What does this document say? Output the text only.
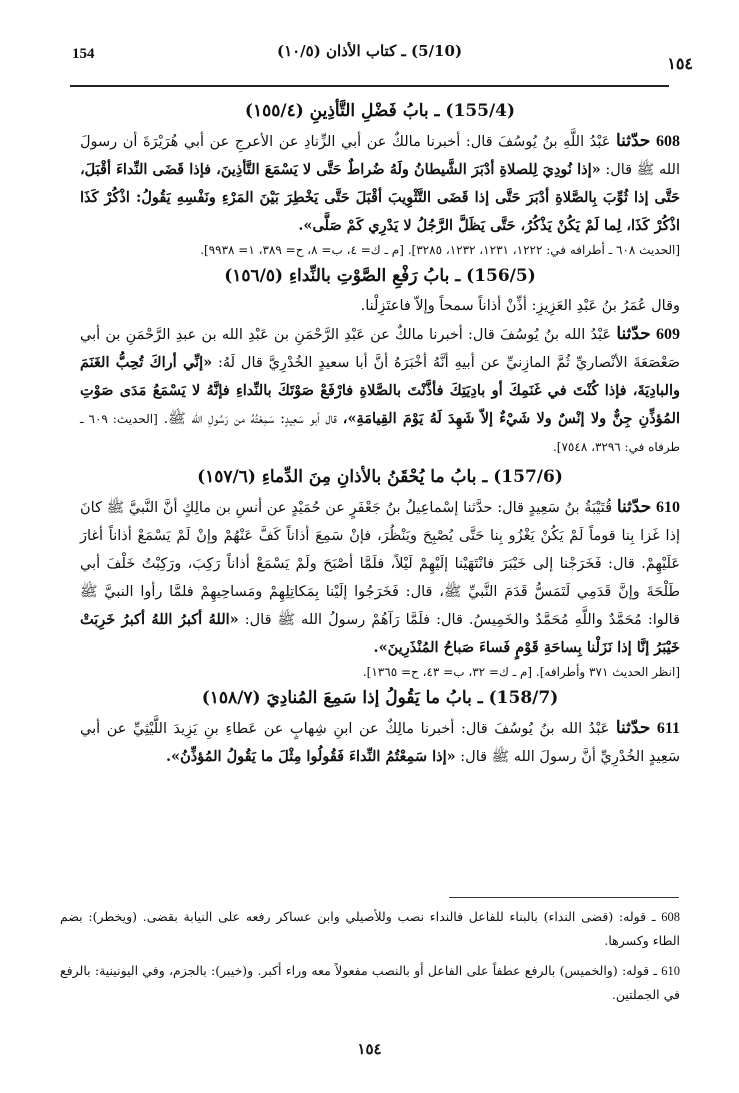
154	(5/10) ـ كتاب الأذان (١٠/٥)
١٥٤
(155/4) ـ بابُ فَضْلِ التَّأذِينِ (١٥٥/٤)

608 حدّثنا عَبْدُ اللَّهِ بنُ يُوسُفَ قال: أخبرنا مالكٌ عن أبي الزِّنادِ عن الأعرجِ عن أبي هُرَيْرَةَ أن رسولَ الله ﷺ قال: «إذا نُودِيَ لِلصلاةِ أدْبَرَ الشَّيطانُ ولَهُ ضُراطٌ حَتَّى لا يَسْمَعَ التَّأذِينَ، فإذا قَضَى النِّداءَ أقْبَلَ، حَتَّى إذا ثُوِّبَ بِالصَّلاةِ أدْبَرَ حَتَّى إذا قَضَى التَّثْوِيبَ أقْبَلَ حَتَّى يَخْطِرَ بَيْنَ المَرْءِ ونَفْسِهِ يَقُولُ: اذْكُرْ كَذَا اذْكُرْ كَذَا، لِما لَمْ يَكُنْ يَذْكُرُ، حَتَّى يَظَلَّ الرَّجُلُ لا يَدْرِي كَمْ صَلَّى».

[الحديث ٦٠٨ ـ أطرافه في: ١٢٢٢، ١٢٣١، ١٢٣٢، ٣٢٨٥]. [م ـ ك= ٤، ب= ٨، ح= ٣٨٩، ١= ٩٩٣٨].

(156/5) ـ بابُ رَفْعِ الصَّوْتِ بالنِّداءِ (١٥٦/٥)

وقال عُمَرُ بنُ عَبْدِ العَزِيزِ: أذِّنْ أذاناً سمحاً وإلاّ فاعتَزِلْنا.

609 حدّثنا عَبْدُ الله بنُ يُوسُفَ قال: أخبرنا مالكٌ عن عَبْدِ الرَّحْمَنِ بن عَبْدِ الله بن عبدِ الرَّحْمَنِ بن أبي صَعْصَعَةَ الأنْصاريِّ ثُمَّ المازِنيِّ عن أبيهِ أنَّهُ أخْبَرَهُ أنَّ أبا سعيدٍ الخُدْرِيَّ قال لَهُ: «إنِّي أراكَ تُحِبُّ الغَنَمَ والبادِيَةَ، فإذا كُنْتَ في غَنَمِكَ أو بادِيَتِكَ فأذَّنْتَ بالصَّلاةِ فارْفَعْ صَوْتَكَ بالنِّداءِ فإنَّهُ لا يَسْمَعُ مَدَى صَوْتِ المُؤذِّنِ جِنٌّ ولا إنْسٌ ولا شَيْءٌ إلاّ شَهِدَ لَهُ يَوْمَ القِيامَةِ»، قال أبو سَعِيدٍ: سَمِعْتُهُ من رَسُولِ الله ﷺ. [الحديث: ٦٠٩ ـ طرفاه في: ٣٢٩٦، ٧٥٤٨].

(157/6) ـ بابُ ما يُحْقَنُ بالأذانِ مِنَ الدِّماءِ (١٥٧/٦)

610 حدّثنا قُتَيْبَةُ بنُ سَعِيدٍ قال: حدَّثنا إسْماعِيلُ بنُ جَعْفَرٍ عن حُمَيْدٍ عن أنسِ بن مالِكٍ أنَّ النَّبيَّ ﷺ كانَ إذا غَزا بِنا قوماً لَمْ يَكُنْ يَغْزُو بِنا حَتَّى يُصْبِحَ ويَنْظُرَ، فإنْ سَمِعَ أذاناً كَفَّ عَنْهُمْ وإنْ لَمْ يَسْمَعْ أذاناً أغارَ عَلَيْهِمْ. قال: فَخَرَجْنا إلى خَيْبَرَ فانْتَهَيْنا إلَيْهِمْ لَيْلاً، فلَمَّا أصْبَحَ ولَمْ يَسْمَعْ أذاناً رَكِبَ، ورَكِبْتُ خَلْفَ أبي طَلْحَةَ وإنَّ قَدَمِي لَتَمَسُّ قَدَمَ النَّبيِّ ﷺ، قال: فَخَرَجُوا إلَيْنا بِمَكاتِلِهِمْ ومَساحِيهِمْ فلمَّا رأوا النبيَّ ﷺ قالوا: مُحَمَّدٌ واللَّهِ مُحَمَّدٌ والخَمِيسُ. قال: فلَمَّا رَآهُمْ رسولُ الله ﷺ قال: «اللهُ أكبرُ اللهُ أكبرُ خَرِبَتْ خَيْبَرُ إنَّا إذا نَزَلْنا بِساحَةِ قَوْمٍ فَساءَ صَباحُ المُنْذَرِينَ».

[انظر الحديث ٣٧١ وأطرافه]. [م ـ ك= ٣٢، ب= ٤٣، ح= ١٣٦٥].

(158/7) ـ بابُ ما يَقُولُ إذا سَمِعَ المُنادِيَ (١٥٨/٧)

611 حدّثنا عَبْدُ الله بنُ يُوسُفَ قال: أخبرنا مالِكٌ عن ابنِ شِهابٍ عن عَطاءِ بنِ يَزِيدَ اللَّيْثِيِّ عن أبي سَعِيدٍ الخُدْرِيِّ أنَّ رسولَ الله ﷺ قال: «إذا سَمِعْتُمُ النِّداءَ فَقُولُوا مِثْلَ ما يَقُولُ المُؤذِّنُ».

608 ـ قوله: (قضى النداء) بالبناء للفاعل فالنداء نصب وللأصيلي وابن عساكر رفعه على النيابة بقضى. (ويخطر): بضم الطاء وكسرها.

610 ـ قوله: (والخميس) بالرفع عطفاً على الفاعل أو بالنصب مفعولاً معه وراء أكبر. و(خيبر): بالجزم، وفي اليونينية: بالرفع في الجملتين.

١٥٤
